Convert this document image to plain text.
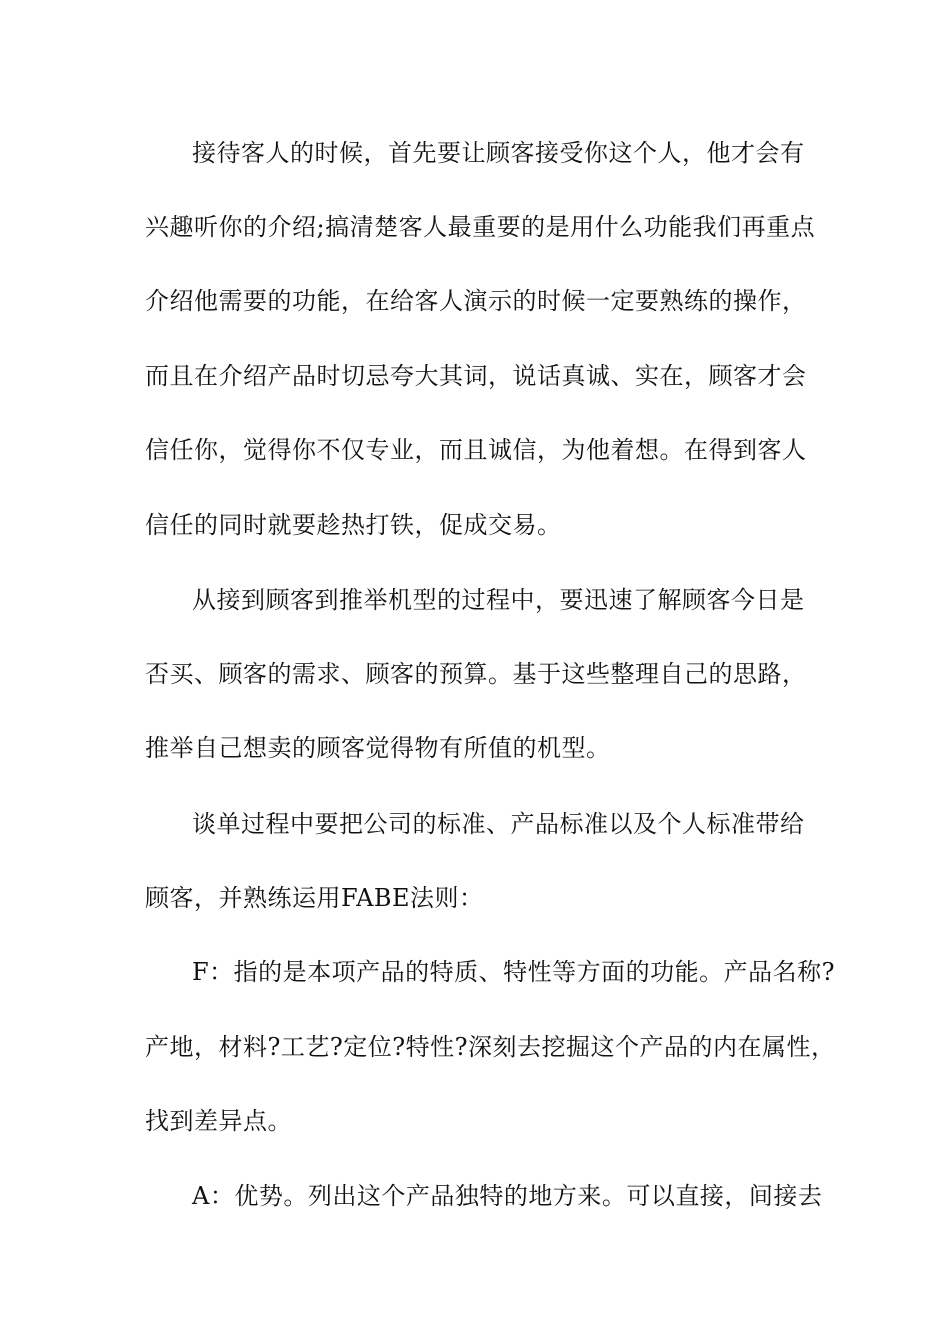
接待客人的时候，首先要让顾客接受你这个人，他才会有
兴趣听你的介绍;搞清楚客人最重要的是用什么功能我们再重点
介绍他需要的功能，在给客人演示的时候一定要熟练的操作，
而且在介绍产品时切忌夸大其词，说话真诚、实在，顾客才会
信任你，觉得你不仅专业，而且诚信，为他着想。在得到客人
信任的同时就要趁热打铁，促成交易。
从接到顾客到推举机型的过程中，要迅速了解顾客今日是
否买、顾客的需求、顾客的预算。基于这些整理自己的思路，
推举自己想卖的顾客觉得物有所值的机型。
谈单过程中要把公司的标准、产品标准以及个人标准带给
顾客，并熟练运用FABE法则：
F：指的是本项产品的特质、特性等方面的功能。产品名称?
产地，材料?工艺?定位?特性?深刻去挖掘这个产品的内在属性，
找到差异点。
A：优势。列出这个产品独特的地方来。可以直接，间接去
